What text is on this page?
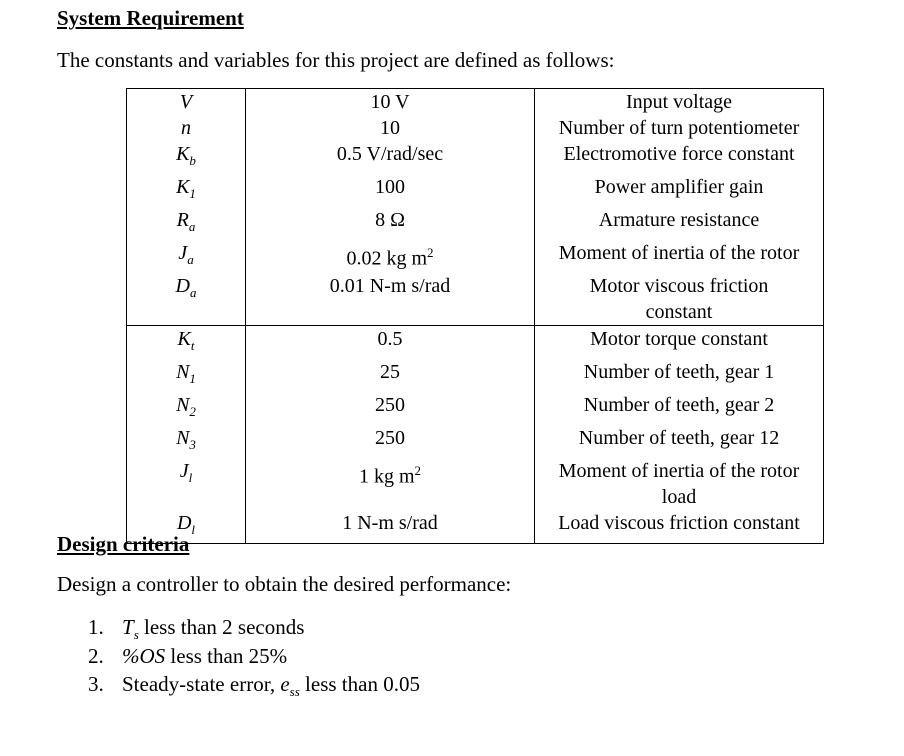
System Requirement
The constants and variables for this project are defined as follows:
V	10 V	Input voltage

n	10	Number of turn potentiometer

$K_b$	0.5 V/rad/sec	Electromotive force constant

$K_1$	100	Power amplifier gain

$R_a$	8 Ω	Armature resistance

$J_a$	0.02 kg $m^2$	Moment of inertia of the rotor

$D_a$	0.01 N-m s/rad	Motor viscous friction
constant

$K_t$	0.5	Motor torque constant

$N_1$	25	Number of teeth, gear 1

$N_2$	250	Number of teeth, gear 2

$N_3$	250	Number of teeth, gear 12

$J_l$	1 kg $m^2$	Moment of inertia of the rotor
load

$D_l$	1 N-m s/rad	Load viscous friction constant
Design criteria
Design a controller to obtain the desired performance:
1. $T_s$ less than 2 seconds
2. %OS less than 25%
3. Steady-state error, $e_{ss}$ less than 0.05
